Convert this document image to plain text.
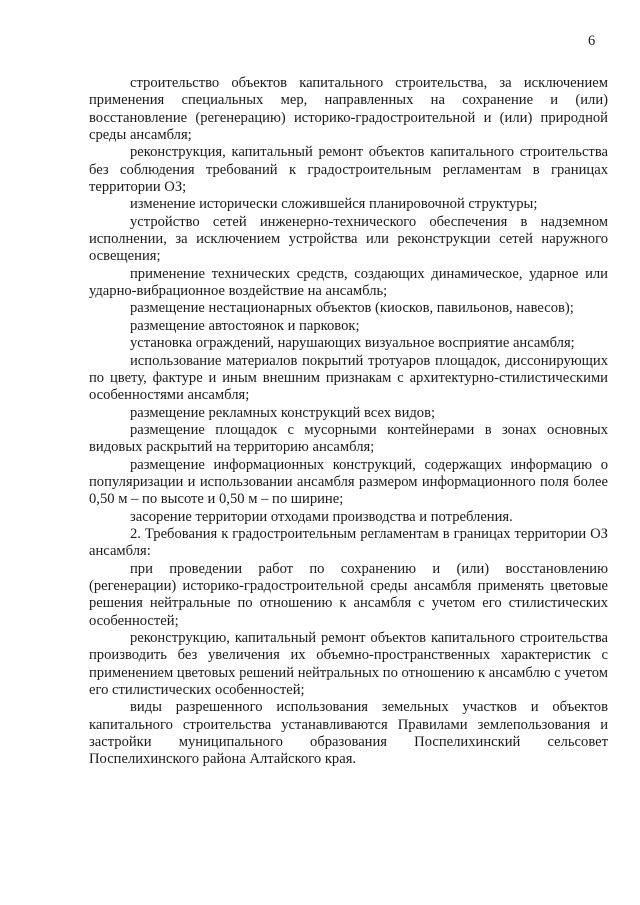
6

строительство объектов капитального строительства, за исключением применения специальных мер, направленных на сохранение и (или) восстановление (регенерацию) историко-градостроительной и (или) природной среды ансамбля;

реконструкция, капитальный ремонт объектов капитального строительства без соблюдения требований к градостроительным регламентам в границах территории ОЗ;

изменение исторически сложившейся планировочной структуры;

устройство сетей инженерно-технического обеспечения в надземном исполнении, за исключением устройства или реконструкции сетей наружного освещения;

применение технических средств, создающих динамическое, ударное или ударно-вибрационное воздействие на ансамбль;

размещение нестационарных объектов (киосков, павильонов, навесов);

размещение автостоянок и парковок;

установка ограждений, нарушающих визуальное восприятие ансамбля;

использование материалов покрытий тротуаров площадок, диссонирующих по цвету, фактуре и иным внешним признакам с архитектурно-стилистическими особенностями ансамбля;

размещение рекламных конструкций всех видов;

размещение площадок с мусорными контейнерами в зонах основных видовых раскрытий на территорию ансамбля;

размещение информационных конструкций, содержащих информацию о популяризации и использовании ансамбля размером информационного поля более 0,50 м – по высоте и 0,50 м – по ширине;

засорение территории отходами производства и потребления.

2. Требования к градостроительным регламентам в границах территории ОЗ ансамбля:

при проведении работ по сохранению и (или) восстановлению (регенерации) историко-градостроительной среды ансамбля применять цветовые решения нейтральные по отношению к ансамбля с учетом его стилистических особенностей;

реконструкцию, капитальный ремонт объектов капитального строительства производить без увеличения их объемно-пространственных характеристик с применением цветовых решений нейтральных по отношению к ансамблю с учетом его стилистических особенностей;

виды разрешенного использования земельных участков и объектов капитального строительства устанавливаются Правилами землепользования и застройки муниципального образования Поспелихинский сельсовет Поспелихинского района Алтайского края.
